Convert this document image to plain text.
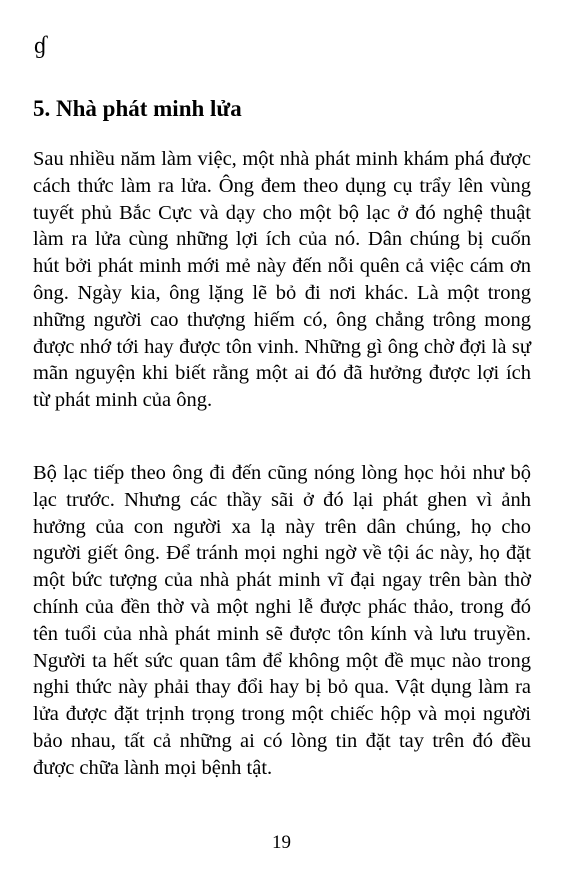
ɠ
5. Nhà phát minh lửa

Sau nhiều năm làm việc, một nhà phát minh khám phá được cách thức làm ra lửa. Ông đem theo dụng cụ trẩy lên vùng tuyết phủ Bắc Cực và dạy cho một bộ lạc ở đó nghệ thuật làm ra lửa cùng những lợi ích của nó. Dân chúng bị cuốn hút bởi phát minh mới mẻ này đến nỗi quên cả việc cám ơn ông. Ngày kia, ông lặng lẽ bỏ đi nơi khác. Là một trong những người cao thượng hiếm có, ông chẳng trông mong được nhớ tới hay được tôn vinh. Những gì ông chờ đợi là sự mãn nguyện khi biết rằng một ai đó đã hưởng được lợi ích từ phát minh của ông.

Bộ lạc tiếp theo ông đi đến cũng nóng lòng học hỏi như bộ lạc trước. Nhưng các thầy sãi ở đó lại phát ghen vì ảnh hưởng của con người xa lạ này trên dân chúng, họ cho người giết ông. Để tránh mọi nghi ngờ về tội ác này, họ đặt một bức tượng của nhà phát minh vĩ đại ngay trên bàn thờ chính của đền thờ và một nghi lễ được phác thảo, trong đó tên tuổi của nhà phát minh sẽ được tôn kính và lưu truyền. Người ta hết sức quan tâm để không một đề mục nào trong nghi thức này phải thay đổi hay bị bỏ qua. Vật dụng làm ra lửa được đặt trịnh trọng trong một chiếc hộp và mọi người bảo nhau, tất cả những ai có lòng tin đặt tay trên đó đều được chữa lành mọi bệnh tật.

19
